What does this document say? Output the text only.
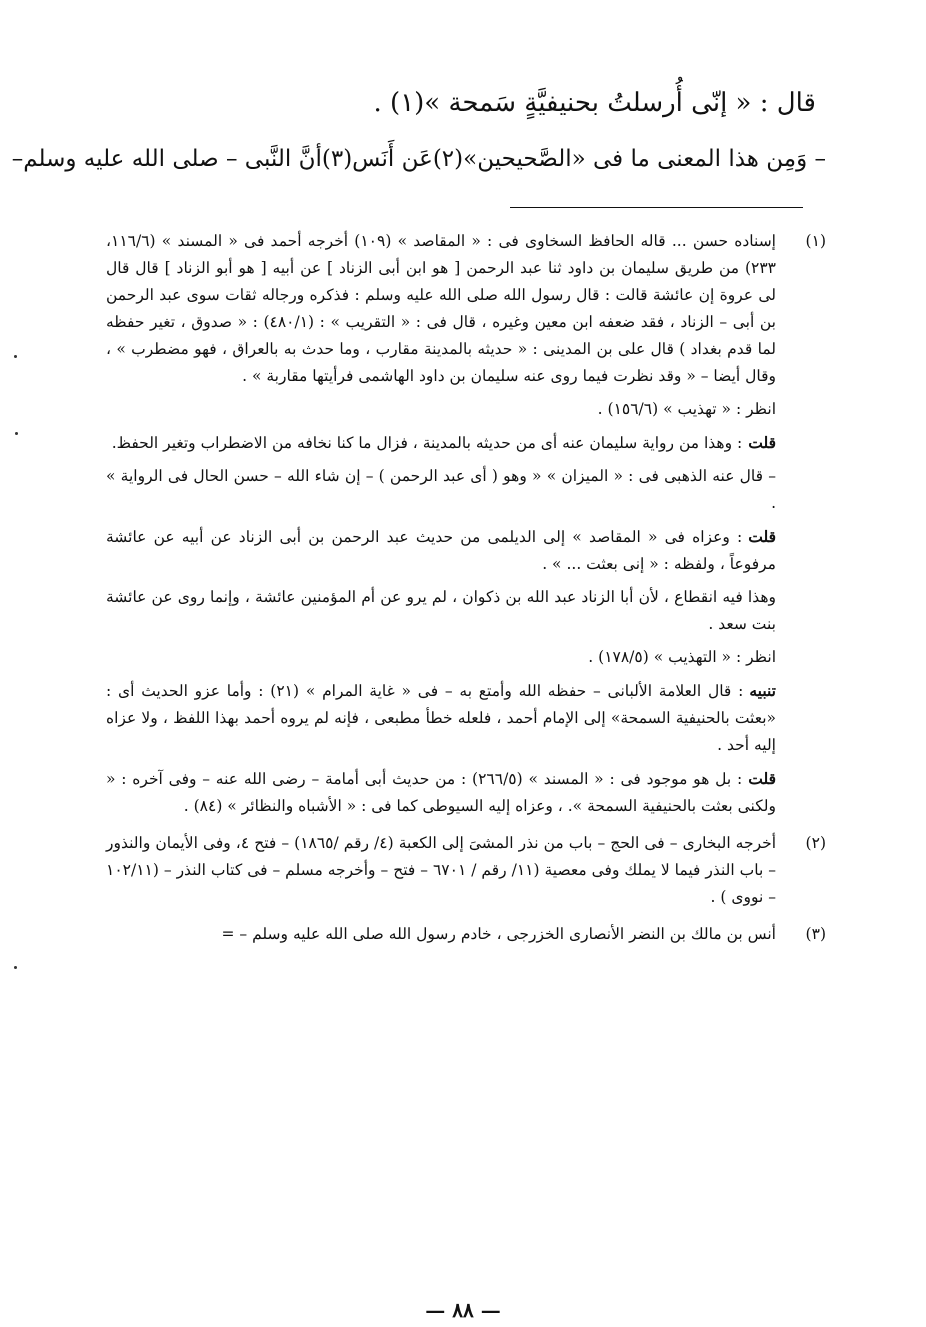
قال : « إنّى أُرسلتُ بحنيفيَّةٍ سَمحة »(١) .
– وَمِن هذا المعنى ما فى «الصَّحيحين»(٢)عَن أَنَس(٣)أنَّ النَّبى – صلى الله عليه وسلم–
(١)

إسناده حسن ... قاله الحافظ السخاوى فى : « المقاصد » (١٠٩) أخرجه أحمد فى « المسند » (١١٦/٦، ٢٣٣) من طريق سليمان بن داود ثنا عبد الرحمن [ هو ابن أبى الزناد ] عن أبيه [ هو أبو الزناد ] قال قال لى عروة إن عائشة قالت : قال رسول الله صلى الله عليه وسلم : فذكره ورجاله ثقات سوى عبد الرحمن بن أبى – الزناد ، فقد ضعفه ابن معين وغيره ، قال فى : « التقريب » : (٤٨٠/١) : « صدوق ، تغير حفظه لما قدم بغداد ) قال على بن المدينى : « حديثه بالمدينة مقارب ، وما حدث به بالعراق ، فهو مضطرب » ، وقال أيضا – « وقد نظرت فيما روى عنه سليمان بن داود الهاشمى فرأيتها مقاربة » .

انظر : « تهذيب » (١٥٦/٦) .

قلت: وهذا من رواية سليمان عنه أى من حديثه بالمدينة ، فزال ما كنا نخافه من الاضطراب وتغير الحفظ.

– قال عنه الذهبى فى : « الميزان » « وهو ( أى عبد الرحمن ) – إن شاء الله – حسن الحال فى الرواية » .

قلت: وعزاه فى « المقاصد » إلى الديلمى من حديث عبد الرحمن بن أبى الزناد عن أبيه عن عائشة مرفوعاً ، ولفظه : « إنى بعثت ... » .

وهذا فيه انقطاع ، لأن أبا الزناد عبد الله بن ذكوان ، لم يرو عن أم المؤمنين عائشة ، وإنما روى عن عائشة بنت سعد .

انظر : « التهذيب » (١٧٨/٥) .

تنبيه: قال العلامة الألبانى – حفظه الله وأمتع به – فى « غاية المرام » (٢١) : وأما عزو الحديث أى : «بعثت بالحنيفية السمحة» إلى الإمام أحمد ، فلعله خطأ مطبعى ، فإنه لم يروه أحمد بهذا اللفظ ، ولا عزاه إليه أحد .

قلت: بل هو موجود فى : « المسند » (٢٦٦/٥) : من حديث أبى أمامة – رضى الله عنه – وفى آخره : « ولكنى بعثت بالحنيفية السمحة ». ، وعزاه إليه السيوطى كما فى : « الأشباه والنظائر » (٨٤) .

(٢)

أخرجه البخارى – فى الحج – باب من نذر المشىَ إلى الكعبة (٤/ رقم /١٨٦٥) – فتح ٤، وفى الأيمان والنذور – باب النذر فيما لا يملك وفى معصية (١١/ رقم / ٦٧٠١ – فتح – وأخرجه مسلم – فى كتاب النذر – (١٠٢/١١ – نووى ) .

(٣)

أنس بن مالك بن النضر الأنصارى الخزرجى ، خادم رسول الله صلى الله عليه وسلم – =

— ٨٨ —
